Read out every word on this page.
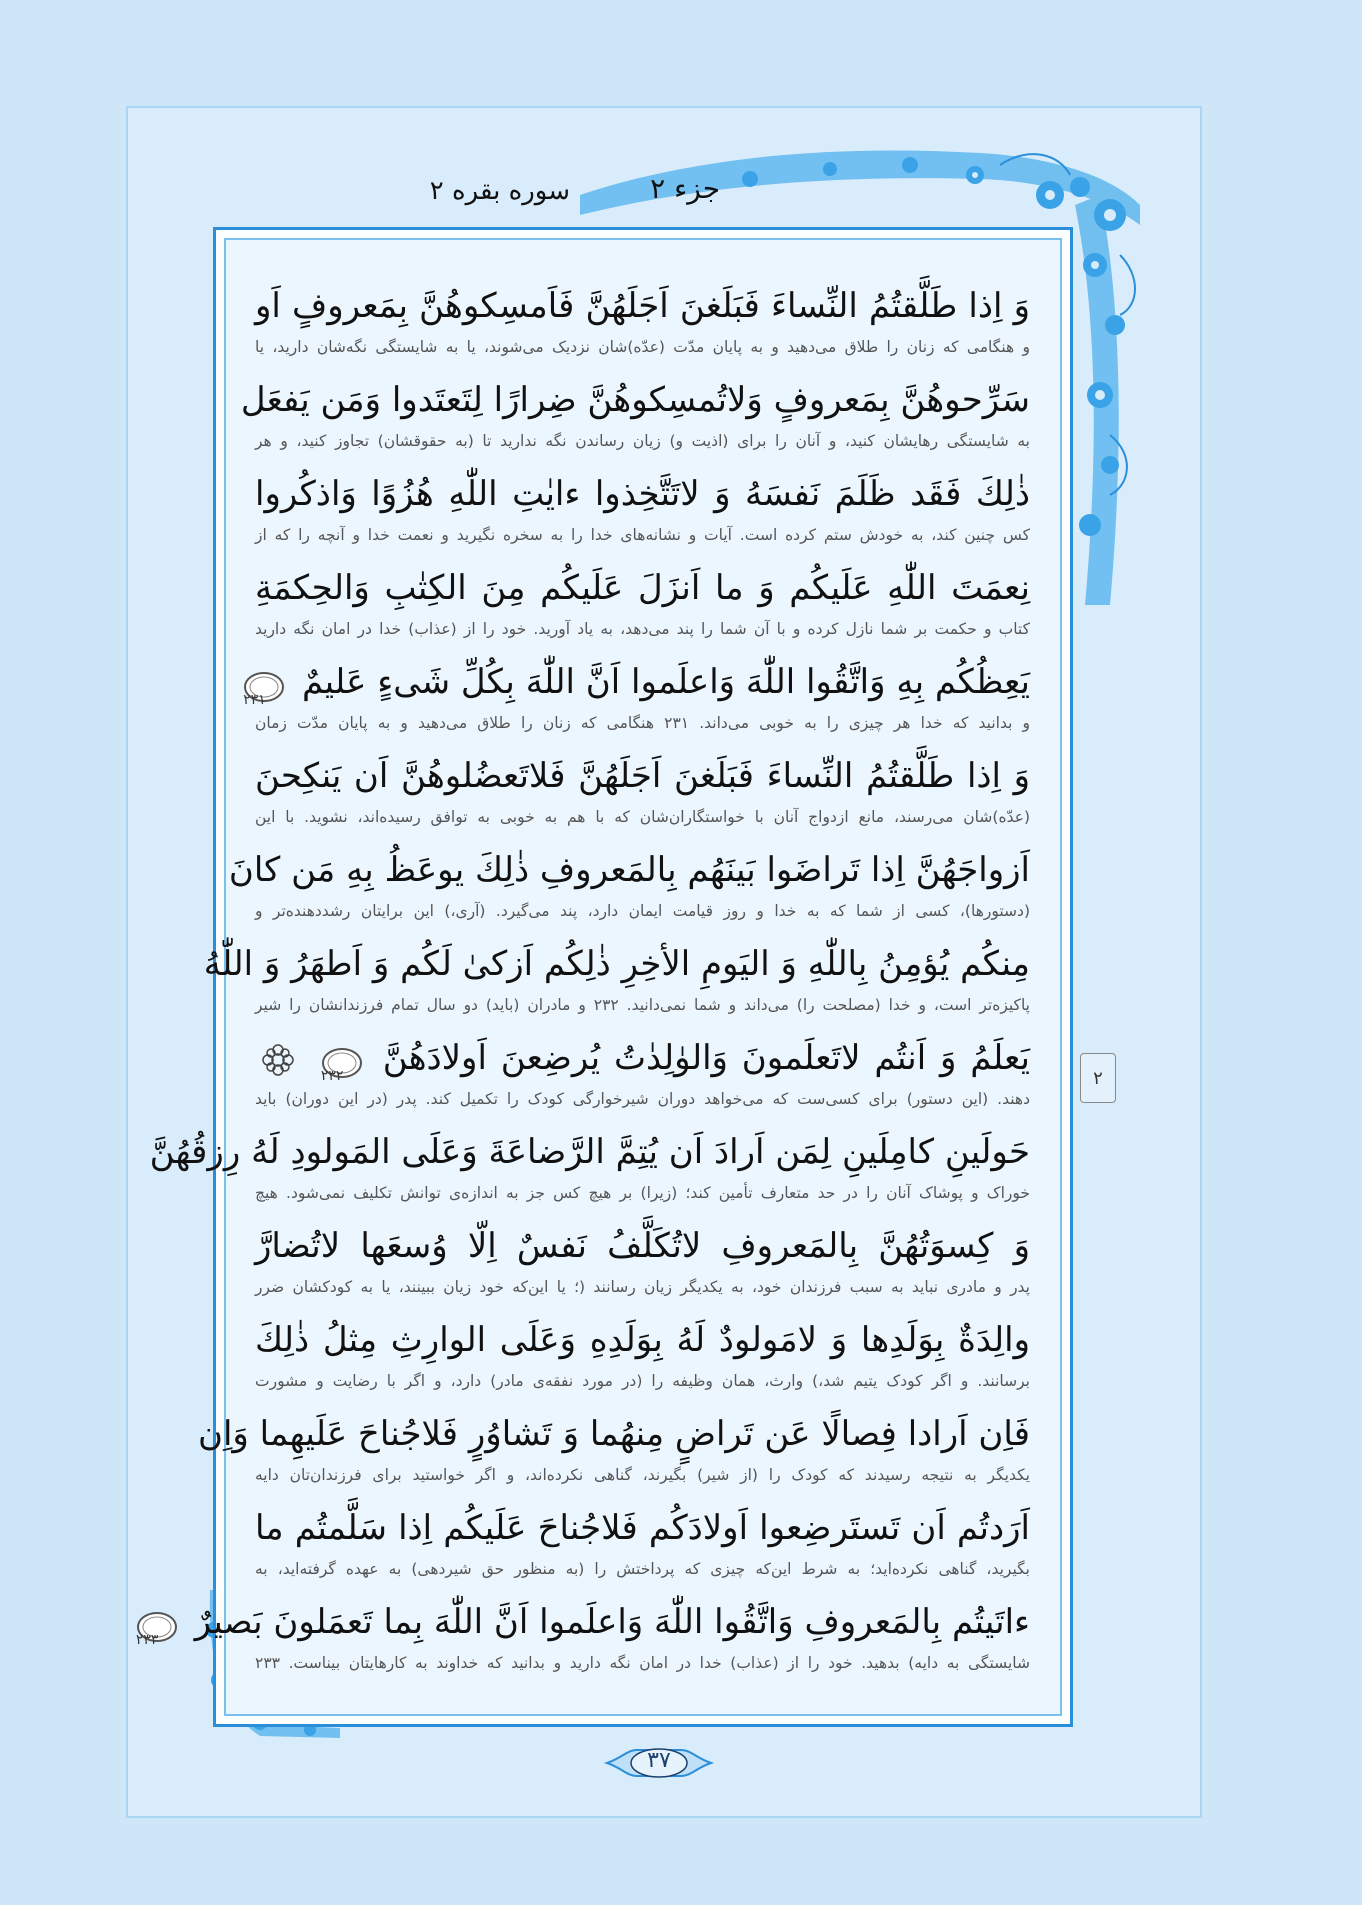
جزء ۲
سوره بقره ۲
۲
وَ اِذا طَلَّقتُمُ النِّساءَ فَبَلَغنَ اَجَلَهُنَّ فَاَمسِكوهُنَّ بِمَعروفٍ اَو
و هنگامی که زنان را طلاق می‌دهید و به پایان مدّت (عدّه)شان نزدیک می‌شوند، یا به شایستگی نگه‌شان دارید، یا
سَرِّحوهُنَّ بِمَعروفٍ وَلاتُمسِكوهُنَّ ضِرارًا لِتَعتَدوا وَمَن يَفعَل
به شایستگی رهایشان کنید، و آنان را برای (اذیت و) زیان رساندن نگه ندارید تا (به حقوقشان) تجاوز کنید، و هر
ذٰلِكَ فَقَد ظَلَمَ نَفسَهُ وَ لاتَتَّخِذوا ءايٰتِ اللّٰهِ هُزُوًا وَاذكُروا
کس چنین کند، به خودش ستم کرده است. آیات و نشانه‌های خدا را به سخره نگیرید و نعمت خدا و آنچه را که از
نِعمَتَ اللّٰهِ عَلَيكُم وَ ما اَنزَلَ عَلَيكُم مِنَ الكِتٰبِ وَالحِكمَةِ
کتاب و حکمت بر شما نازل کرده و با آن شما را پند می‌دهد، به یاد آورید. خود را از (عذاب) خدا در امان نگه دارید
يَعِظُكُم بِهِ وَاتَّقُوا اللّٰهَ وَاعلَموا اَنَّ اللّٰهَ بِكُلِّ شَیءٍ عَليمٌ
۲۳۱
و بدانید که خدا هر چیزی را به خوبی می‌داند. ۲۳۱ هنگامی که زنان را طلاق می‌دهید و به پایان مدّت زمان
وَ اِذا طَلَّقتُمُ النِّساءَ فَبَلَغنَ اَجَلَهُنَّ فَلاتَعضُلوهُنَّ اَن يَنكِحنَ
(عدّه)شان می‌رسند، مانع ازدواج آنان با خواستگاران‌شان که با هم به خوبی به توافق رسیده‌اند، نشوید. با این
اَزواجَهُنَّ اِذا تَراضَوا بَينَهُم بِالمَعروفِ ذٰلِكَ يوعَظُ بِهِ مَن كانَ
(دستورها)، کسی از شما که به خدا و روز قیامت ایمان دارد، پند می‌گیرد. (آری،) این برایتان رشددهنده‌تر و
مِنكُم يُؤمِنُ بِاللّٰهِ وَ اليَومِ الأخِرِ ذٰلِكُم اَزكیٰ لَكُم وَ اَطهَرُ وَ اللّٰهُ
پاکیزه‌تر است، و خدا (مصلحت را) می‌داند و شما نمی‌دانید. ۲۳۲ و مادران (باید) دو سال تمام فرزندانشان را شیر
يَعلَمُ وَ اَنتُم لاتَعلَمونَ وَالوٰلِدٰتُ يُرضِعنَ اَولادَهُنَّ
۲۳۲

دهند. (این دستور) برای کسی‌ست که می‌خواهد دوران شیرخوارگی کودک را تکمیل کند. پدر (در این دوران) باید
حَولَينِ كامِلَينِ لِمَن اَرادَ اَن يُتِمَّ الرَّضاعَةَ وَعَلَی المَولودِ لَهُ رِزقُهُنَّ
خوراک و پوشاک آنان را در حد متعارف تأمین کند؛ (زیرا) بر هیچ کس جز به اندازه‌ی توانش تکلیف نمی‌شود. هیچ
وَ كِسوَتُهُنَّ بِالمَعروفِ لاتُكَلَّفُ نَفسٌ اِلّا وُسعَها لاتُضارَّ
پدر و مادری نباید به سبب فرزندان خود، به یکدیگر زیان رسانند (؛ یا این‌که خود زیان ببینند، یا به کودکشان ضرر
والِدَةٌ بِوَلَدِها وَ لامَولودٌ لَهُ بِوَلَدِهِ وَعَلَی الوارِثِ مِثلُ ذٰلِكَ
برسانند. و اگر کودک یتیم شد،) وارث، همان وظیفه را (در مورد نفقه‌ی مادر) دارد، و اگر با رضایت و مشورت
فَاِن اَرادا فِصالًا عَن تَراضٍ مِنهُما وَ تَشاوُرٍ فَلاجُناحَ عَلَيهِما وَاِن
یکدیگر به نتیجه رسیدند که کودک را (از شیر) بگیرند، گناهی نکرده‌اند، و اگر خواستید برای فرزندان‌تان دایه
اَرَدتُم اَن تَستَرضِعوا اَولادَكُم فَلاجُناحَ عَلَيكُم اِذا سَلَّمتُم ما
بگیرید، گناهی نکرده‌اید؛ به شرط این‌که چیزی که پرداختش را (به منظور حق شیردهی) به عهده گرفته‌اید، به
ءاتَيتُم بِالمَعروفِ وَاتَّقُوا اللّٰهَ وَاعلَموا اَنَّ اللّٰهَ بِما تَعمَلونَ بَصيرٌ
۲۳۳
شایستگی به دایه) بدهید. خود را از (عذاب) خدا در امان نگه دارید و بدانید که خداوند به کارهایتان بیناست. ۲۳۳
۳۷
